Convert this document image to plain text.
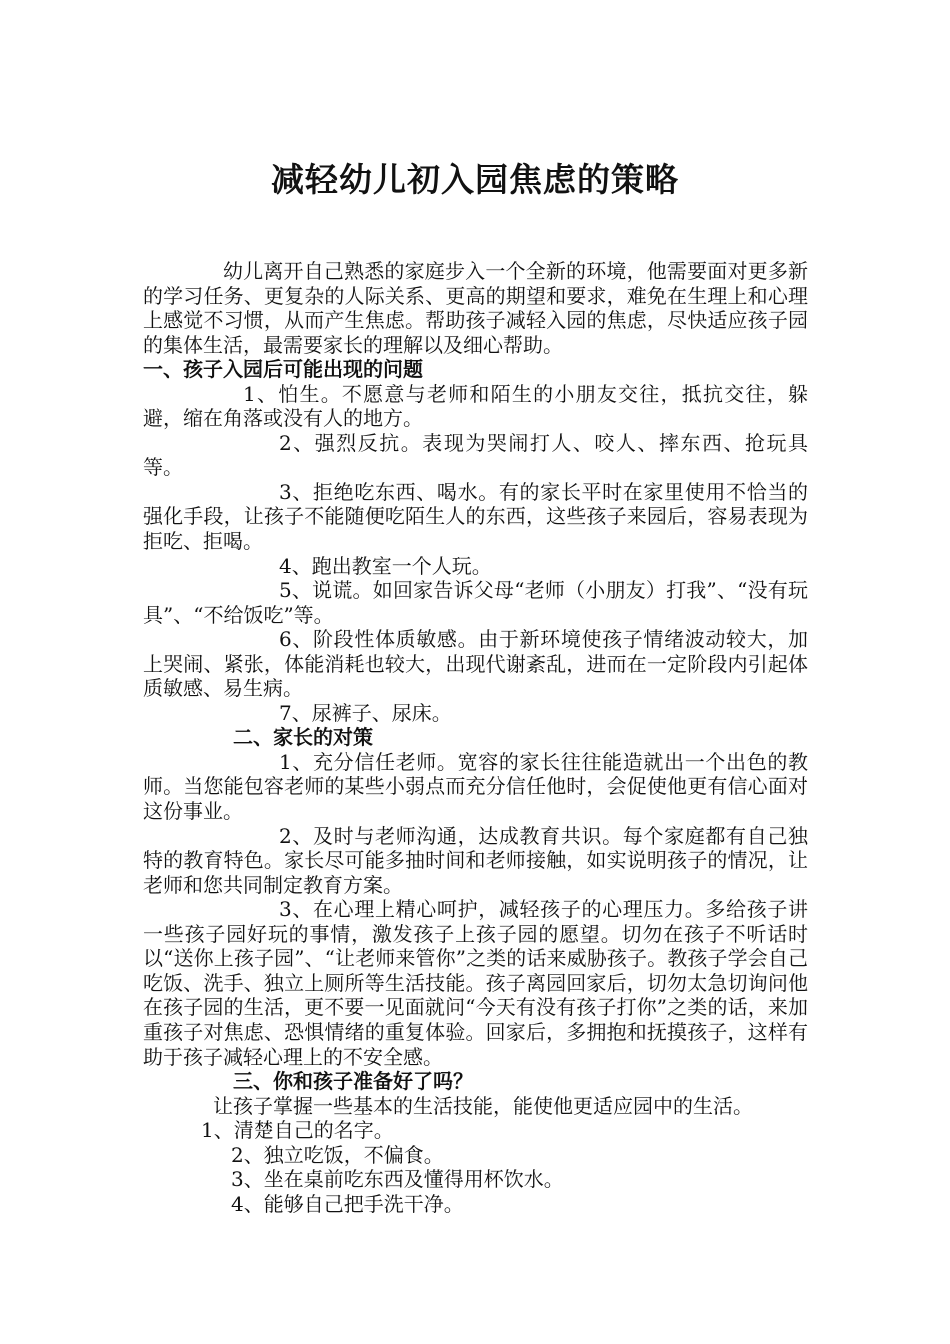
减轻幼儿初入园焦虑的策略

幼儿离开自己熟悉的家庭步入一个全新的环境，他需要面对更多新的学习任务、更复杂的人际关系、更高的期望和要求，难免在生理上和心理上感觉不习惯，从而产生焦虑。帮助孩子减轻入园的焦虑，尽快适应孩子园的集体生活，最需要家长的理解以及细心帮助。

一、孩子入园后可能出现的问题

1、怕生。不愿意与老师和陌生的小朋友交往，抵抗交往，躲避，缩在角落或没有人的地方。

2、强烈反抗。表现为哭闹打人、咬人、摔东西、抢玩具等。

3、拒绝吃东西、喝水。有的家长平时在家里使用不恰当的强化手段，让孩子不能随便吃陌生人的东西，这些孩子来园后，容易表现为拒吃、拒喝。

4、跑出教室一个人玩。

5、说谎。如回家告诉父母“老师（小朋友）打我”、“没有玩具”、“不给饭吃”等。

6、阶段性体质敏感。由于新环境使孩子情绪波动较大，加上哭闹、紧张，体能消耗也较大，出现代谢紊乱，进而在一定阶段内引起体质敏感、易生病。

7、尿裤子、尿床。

二、家长的对策

1、充分信任老师。宽容的家长往往能造就出一个出色的教师。当您能包容老师的某些小弱点而充分信任他时，会促使他更有信心面对这份事业。

2、及时与老师沟通，达成教育共识。每个家庭都有自己独特的教育特色。家长尽可能多抽时间和老师接触，如实说明孩子的情况，让老师和您共同制定教育方案。

3、在心理上精心呵护，减轻孩子的心理压力。多给孩子讲一些孩子园好玩的事情，激发孩子上孩子园的愿望。切勿在孩子不听话时以“送你上孩子园”、“让老师来管你”之类的话来威胁孩子。教孩子学会自己吃饭、洗手、独立上厕所等生活技能。孩子离园回家后，切勿太急切询问他在孩子园的生活，更不要一见面就问“今天有没有孩子打你”之类的话，来加重孩子对焦虑、恐惧情绪的重复体验。回家后，多拥抱和抚摸孩子，这样有助于孩子减轻心理上的不安全感。

三、你和孩子准备好了吗？

让孩子掌握一些基本的生活技能，能使他更适应园中的生活。

1、清楚自己的名字。

2、独立吃饭，不偏食。

3、坐在桌前吃东西及懂得用杯饮水。

4、能够自己把手洗干净。
